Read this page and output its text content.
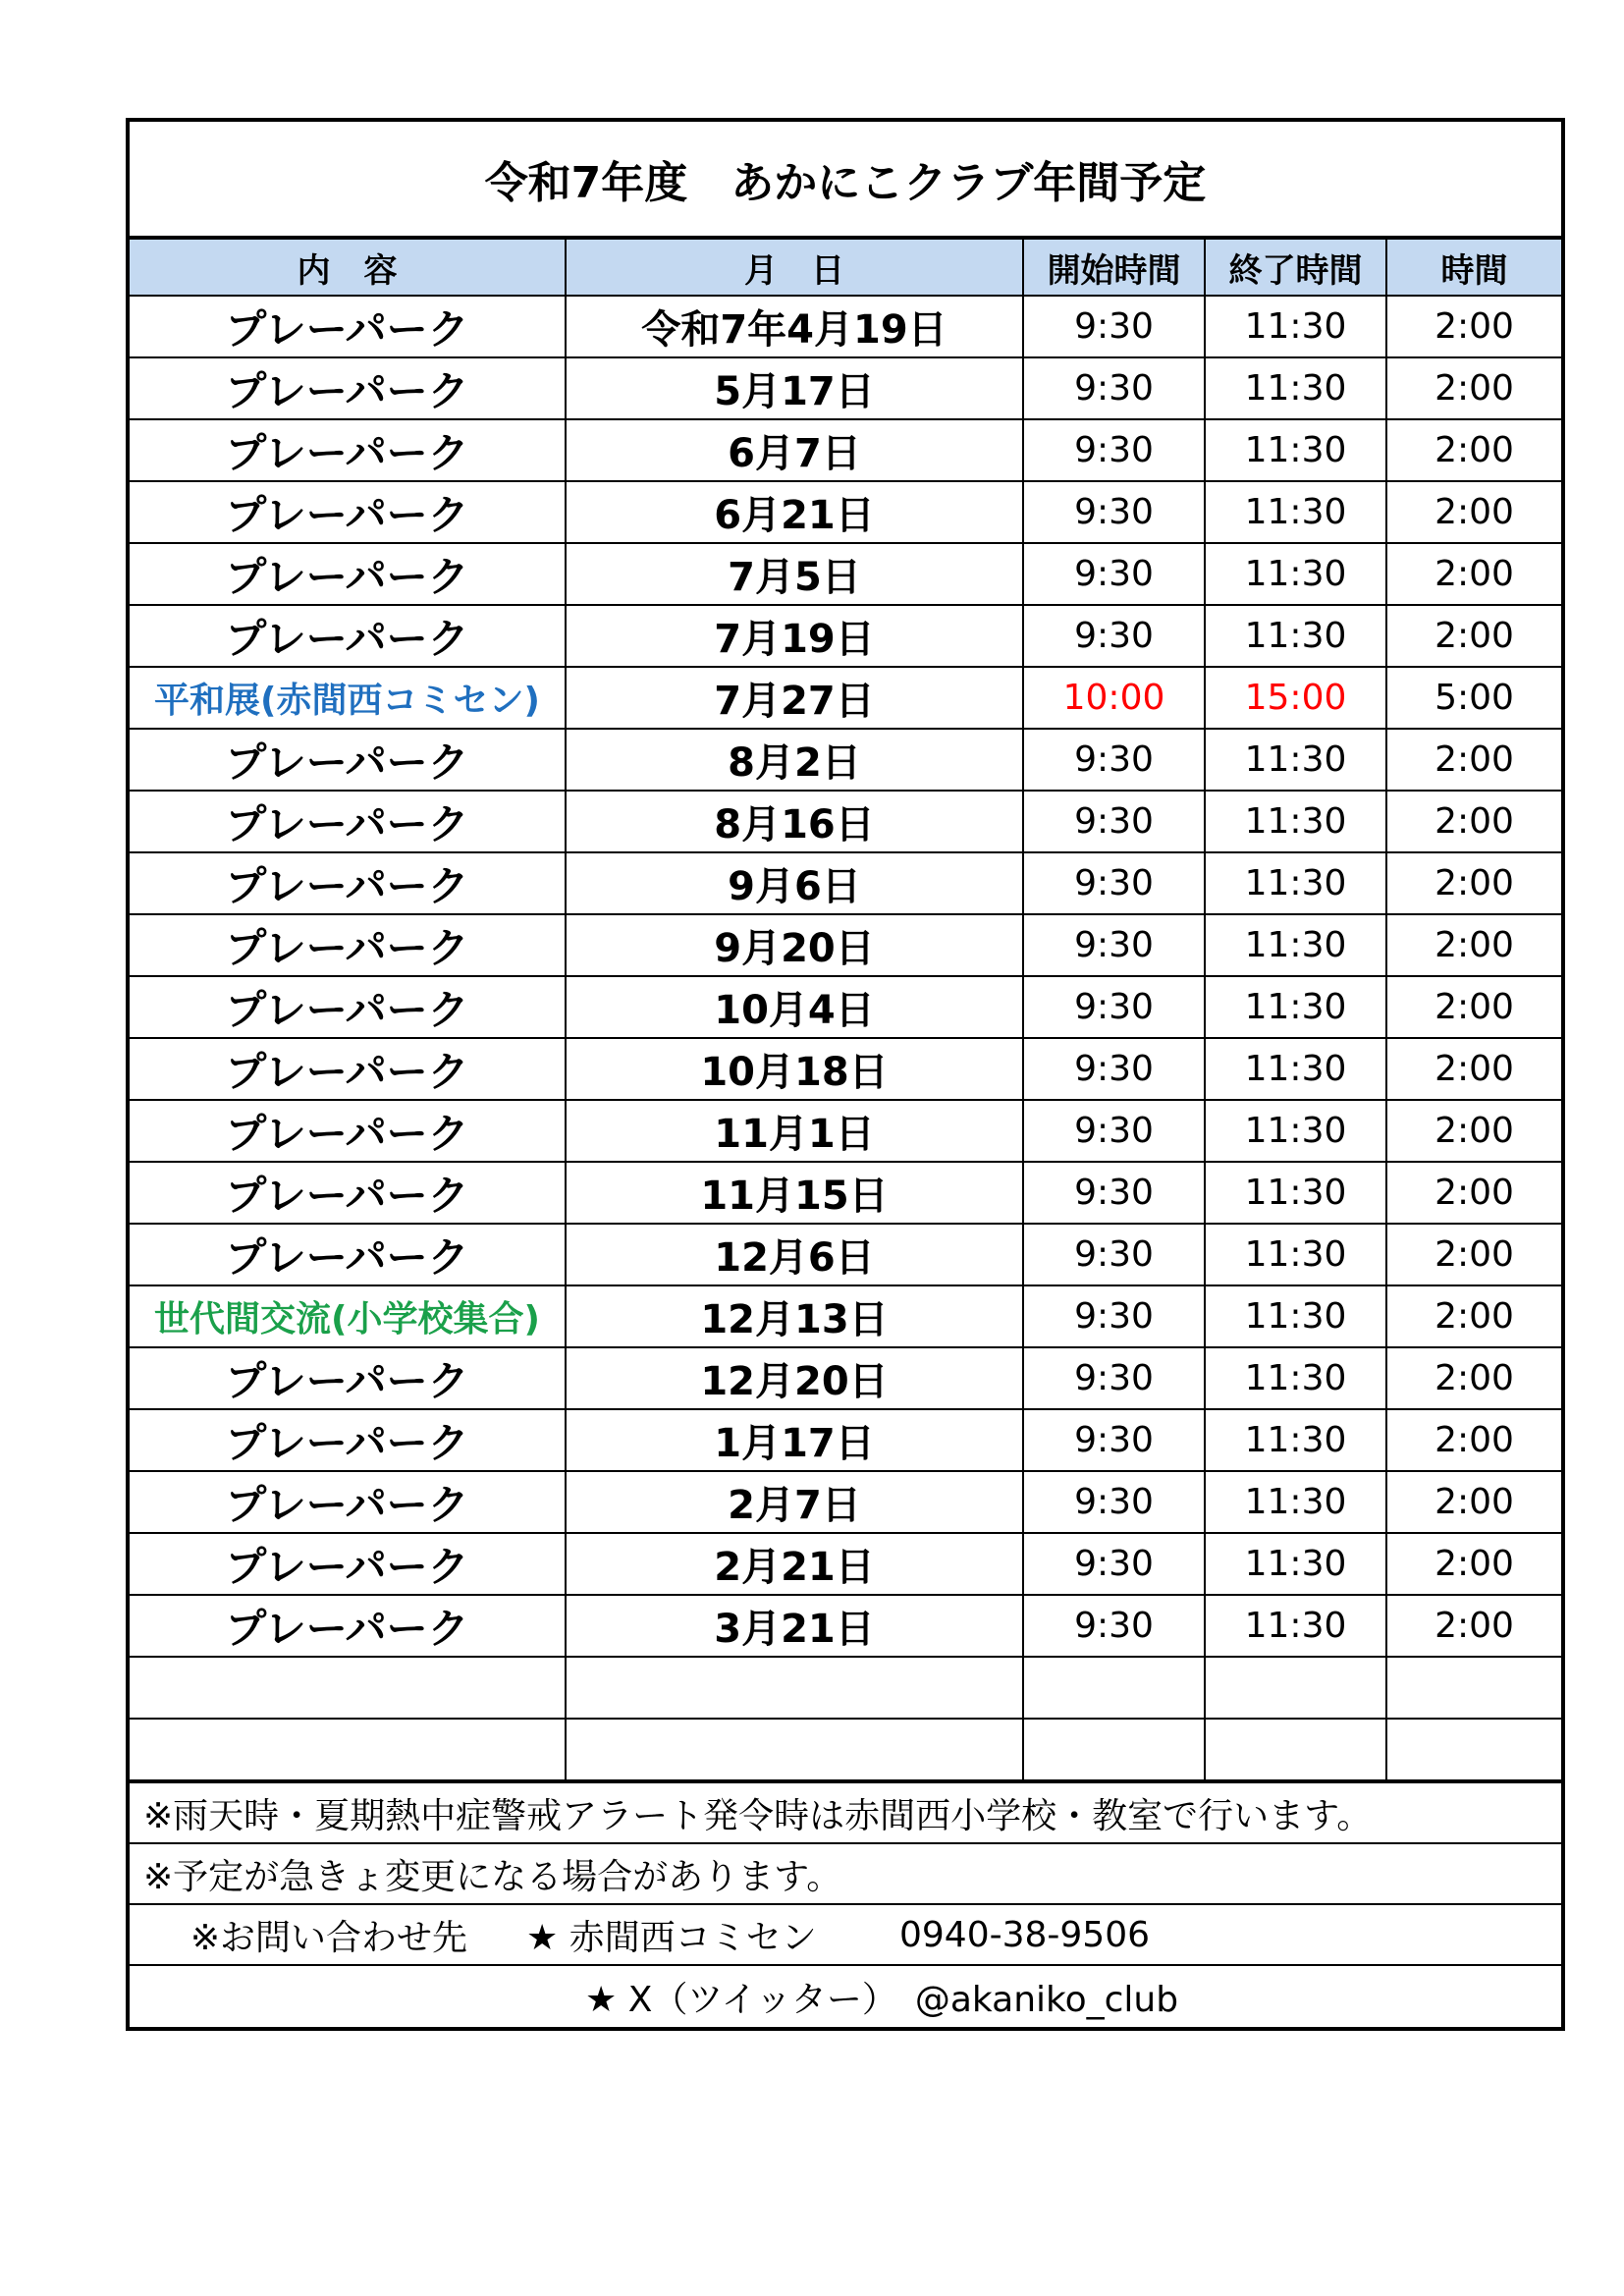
令和7年度　あかにこクラブ年間予定
内　容	月　日	開始時間	終了時間	時間
プレーパーク	令和7年4月19日	9:30	11:30	2:00
プレーパーク	5月17日	9:30	11:30	2:00
プレーパーク	6月7日	9:30	11:30	2:00
プレーパーク	6月21日	9:30	11:30	2:00
プレーパーク	7月5日	9:30	11:30	2:00
プレーパーク	7月19日	9:30	11:30	2:00
平和展(赤間西コミセン)	7月27日	10:00	15:00	5:00
プレーパーク	8月2日	9:30	11:30	2:00
プレーパーク	8月16日	9:30	11:30	2:00
プレーパーク	9月6日	9:30	11:30	2:00
プレーパーク	9月20日	9:30	11:30	2:00
プレーパーク	10月4日	9:30	11:30	2:00
プレーパーク	10月18日	9:30	11:30	2:00
プレーパーク	11月1日	9:30	11:30	2:00
プレーパーク	11月15日	9:30	11:30	2:00
プレーパーク	12月6日	9:30	11:30	2:00
世代間交流(小学校集合)	12月13日	9:30	11:30	2:00
プレーパーク	12月20日	9:30	11:30	2:00
プレーパーク	1月17日	9:30	11:30	2:00
プレーパーク	2月7日	9:30	11:30	2:00
プレーパーク	2月21日	9:30	11:30	2:00
プレーパーク	3月21日	9:30	11:30	2:00

※雨天時・夏期熱中症警戒アラート発令時は赤間西小学校・教室で行います。
※予定が急きょ変更になる場合があります。
※お問い合わせ先	★ 赤間西コミセン	0940-38-9506
★ X（ツイッター）　@akaniko_club
